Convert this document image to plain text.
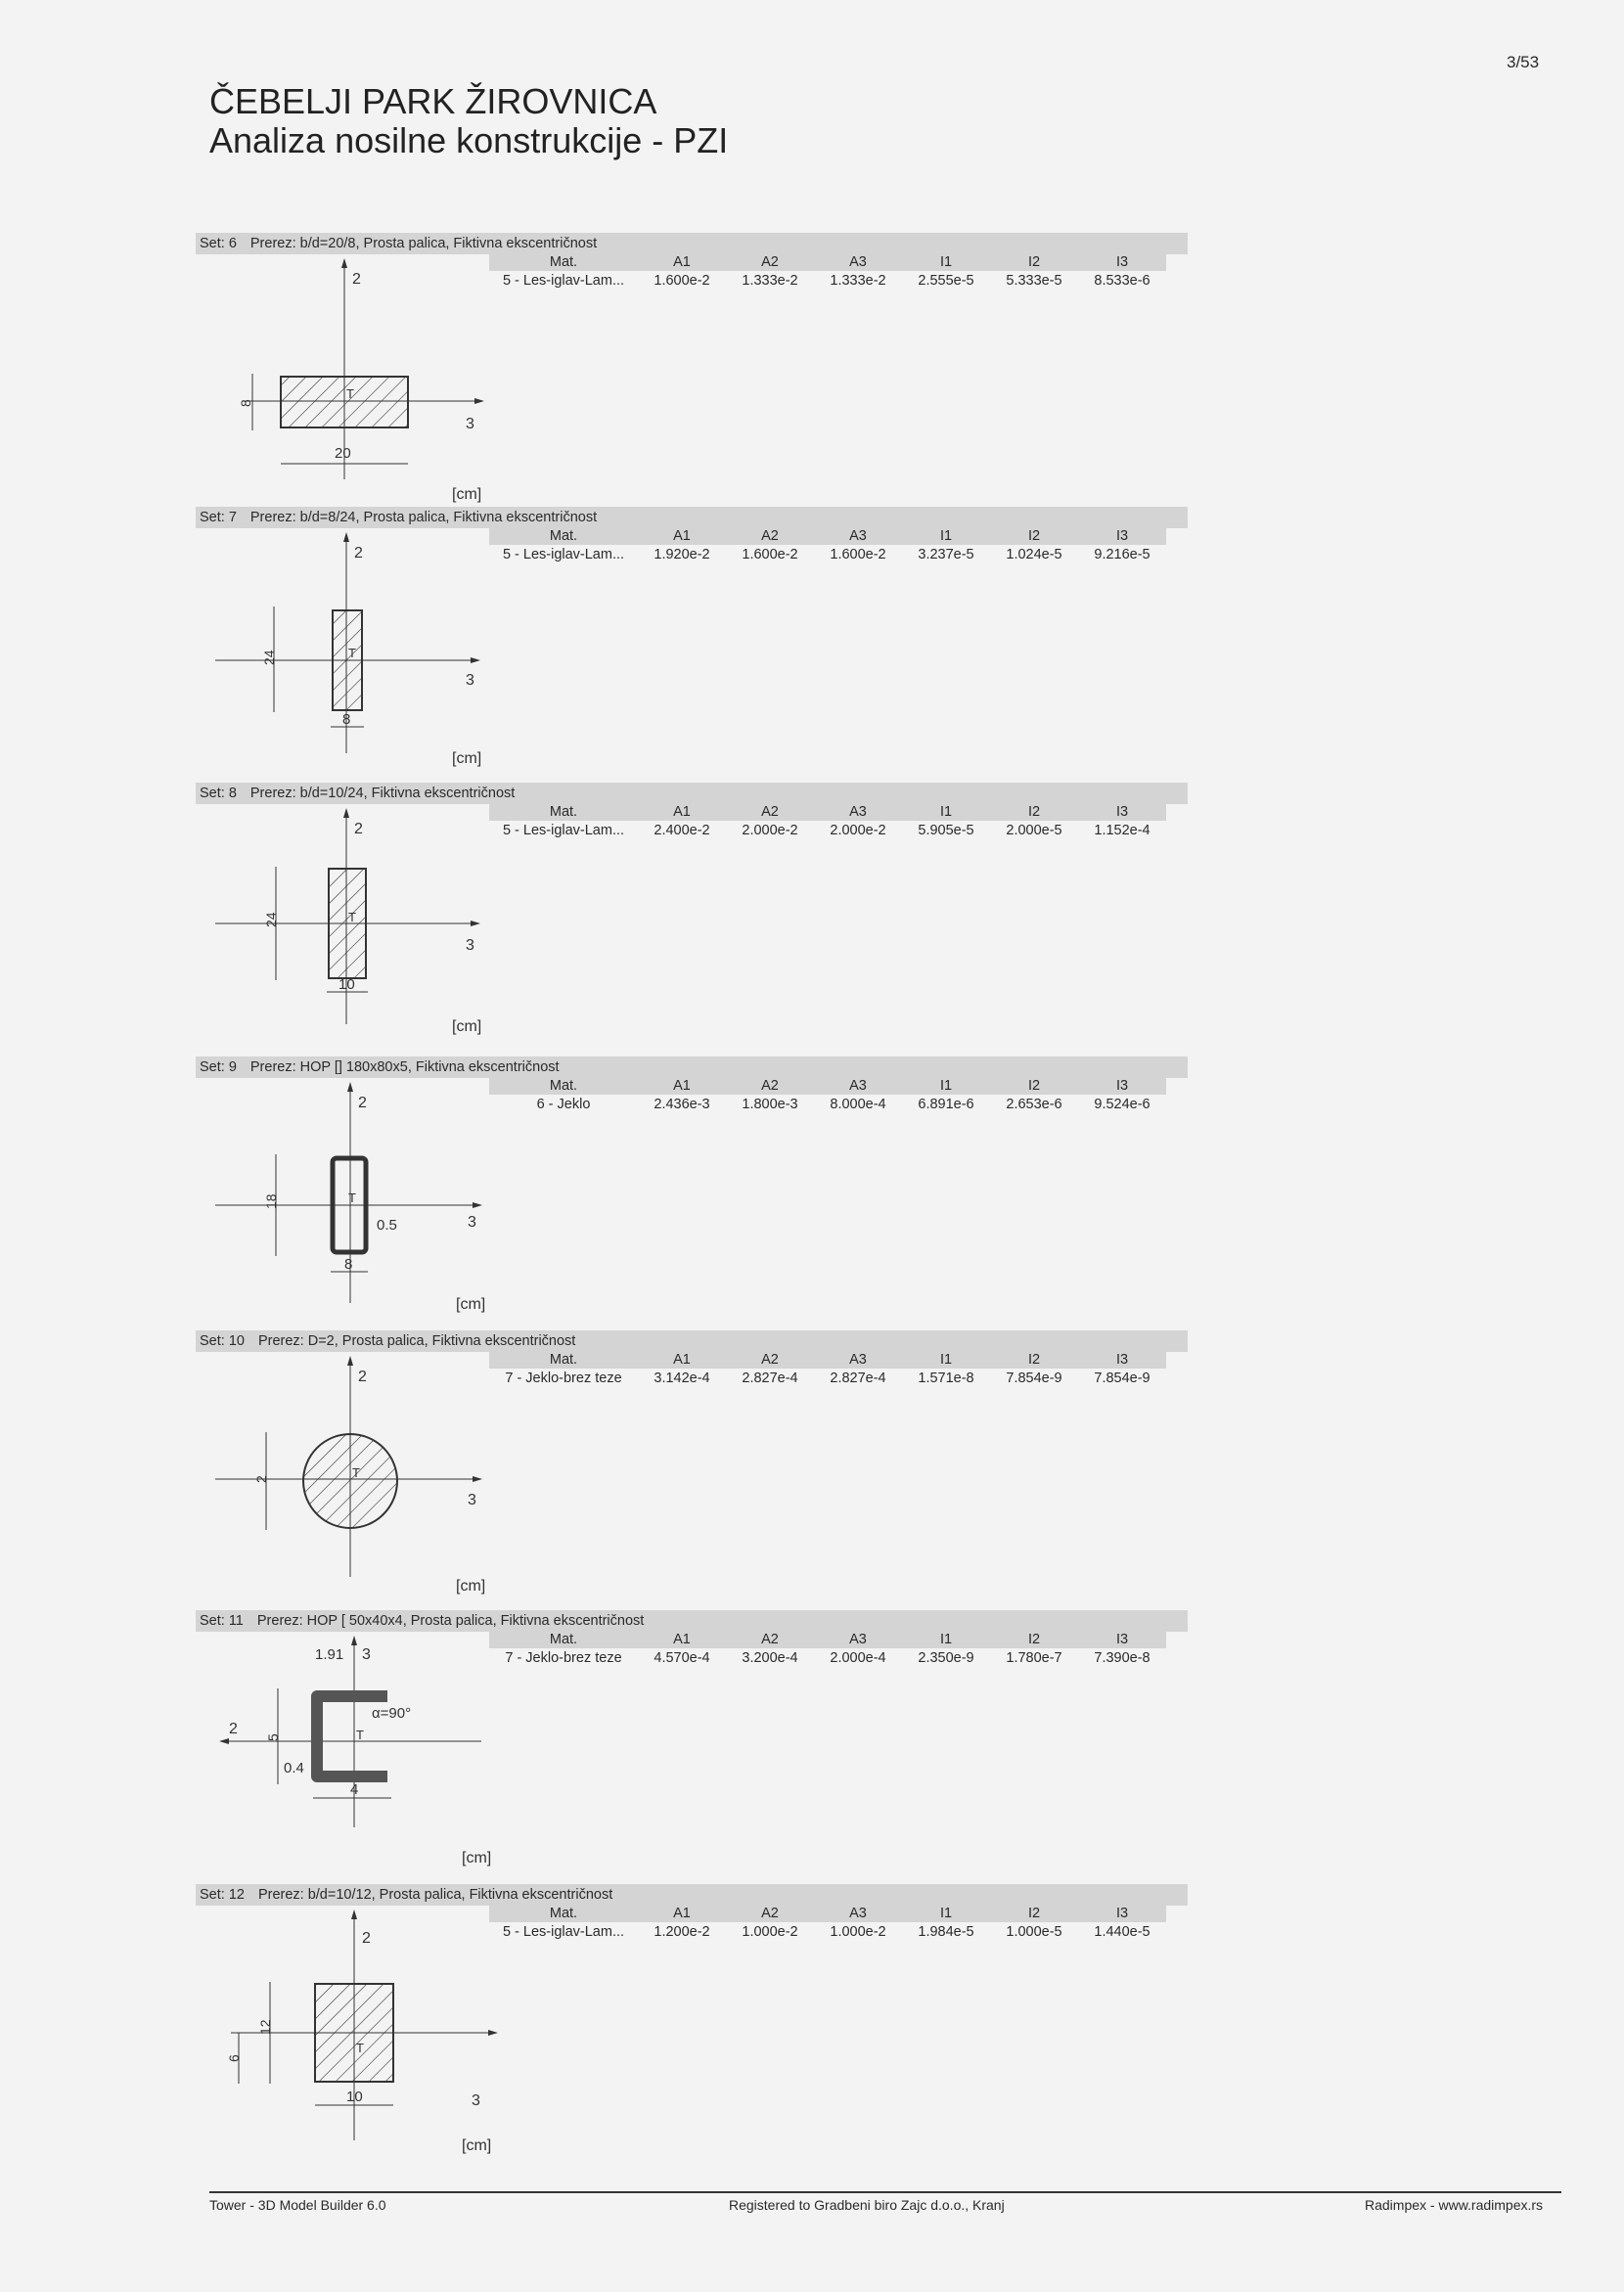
3/53
ČEBELJI PARK ŽIROVNICA
Analiza nosilne konstrukcije - PZI
Set: 6 Prerez: b/d=20/8, Prosta palica, Fiktivna ekscentričnost
Mat.	A1	A2	A3	I1	I2	I3
5 - Les-iglav-Lam...	1.600e-2	1.333e-2	1.333e-2	2.555e-5	5.333e-5	8.533e-6
2
3
T
8
20
[cm]
Set: 7 Prerez: b/d=8/24, Prosta palica, Fiktivna ekscentričnost
Mat.	A1	A2	A3	I1	I2	I3
5 - Les-iglav-Lam...	1.920e-2	1.600e-2	1.600e-2	3.237e-5	1.024e-5	9.216e-5
2
3
T
24
8
[cm]
Set: 8 Prerez: b/d=10/24, Fiktivna ekscentričnost
Mat.	A1	A2	A3	I1	I2	I3
5 - Les-iglav-Lam...	2.400e-2	2.000e-2	2.000e-2	5.905e-5	2.000e-5	1.152e-4
2
3
T
24
10
[cm]
Set: 9 Prerez: HOP [] 180x80x5, Fiktivna ekscentričnost
Mat.	A1	A2	A3	I1	I2	I3
6 - Jeklo	2.436e-3	1.800e-3	8.000e-4	6.891e-6	2.653e-6	9.524e-6
2
3
T
0.5
18
8
[cm]
Set: 10 Prerez: D=2, Prosta palica, Fiktivna ekscentričnost
Mat.	A1	A2	A3	I1	I2	I3
7 - Jeklo-brez teze	3.142e-4	2.827e-4	2.827e-4	1.571e-8	7.854e-9	7.854e-9
2
3
T
2
[cm]
Set: 11 Prerez: HOP [ 50x40x4, Prosta palica, Fiktivna ekscentričnost
Mat.	A1	A2	A3	I1	I2	I3
7 - Jeklo-brez teze	4.570e-4	3.200e-4	2.000e-4	2.350e-9	1.780e-7	7.390e-8
3
1.91
2	T
α=90°
5
0.4
4
[cm]
Set: 12 Prerez: b/d=10/12, Prosta palica, Fiktivna ekscentričnost
Mat.	A1	A2	A3	I1	I2	I3
5 - Les-iglav-Lam...	1.200e-2	1.000e-2	1.000e-2	1.984e-5	1.000e-5	1.440e-5
2
T
12
6
10	3
[cm]
Tower - 3D Model Builder 6.0	Registered to Gradbeni biro Zajc d.o.o., Kranj	Radimpex - www.radimpex.rs
